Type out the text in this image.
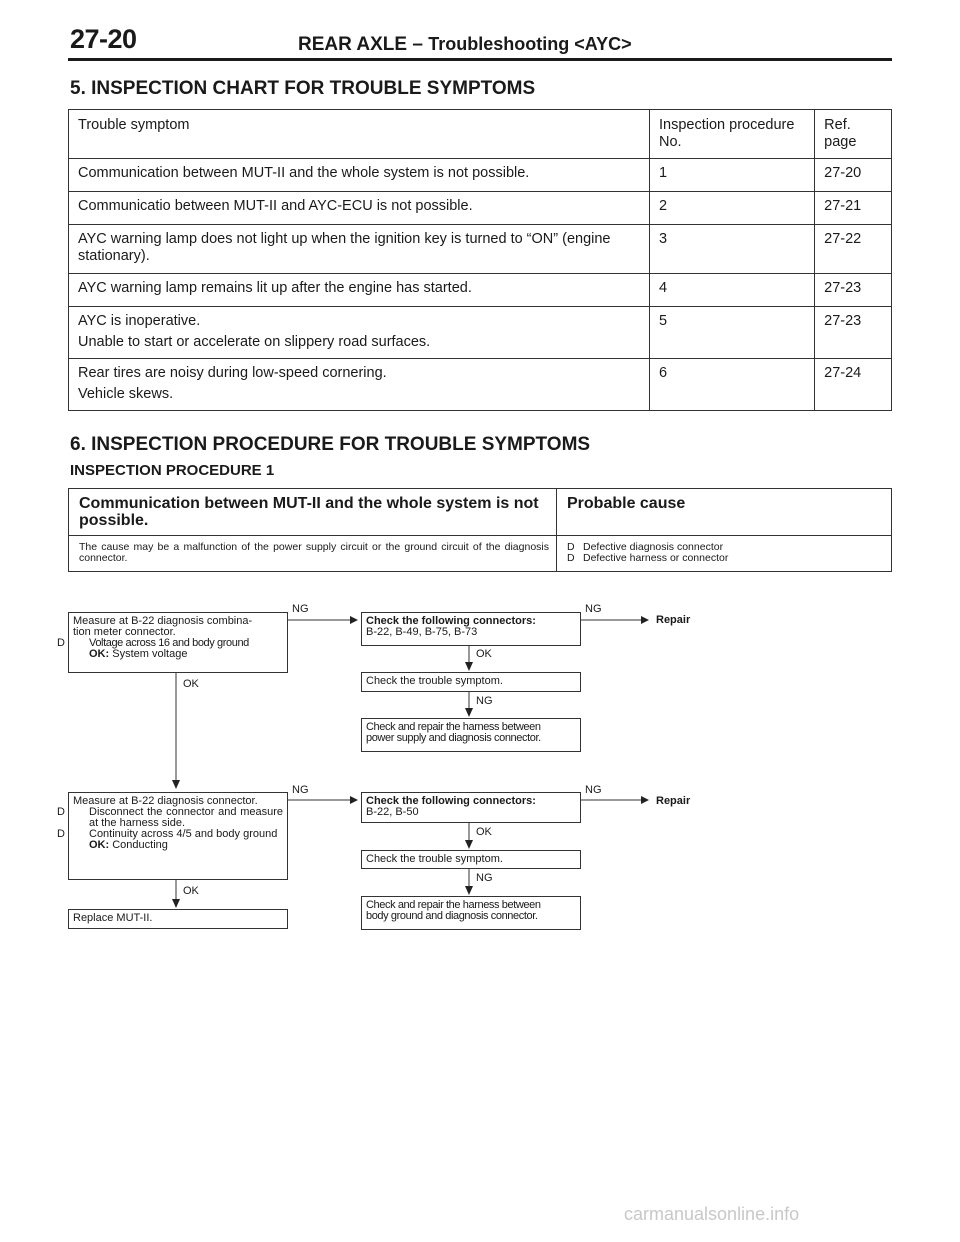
27-20	REAR AXLE – Troubleshooting <AYC>
5. INSPECTION CHART FOR TROUBLE SYMPTOMS
Trouble symptom	Inspection procedure No.	Ref. page
Communication between MUT-II and the whole system is not possible.	1	27-20
Communicatio between MUT-II and AYC-ECU is not possible.	2	27-21
AYC warning lamp does not light up when the ignition key is turned to “ON” (engine stationary).	3	27-22
AYC warning lamp remains lit up after the engine has started.	4	27-23

AYC is inoperative.
Unable to start or accelerate on slippery road surfaces.	5	27-23

Rear tires are noisy during low-speed cornering.
Vehicle skews.	6	27-24
6. INSPECTION PROCEDURE FOR TROUBLE SYMPTOMS
INSPECTION PROCEDURE 1
Communication between MUT-II and the whole system is not possible.
Probable cause
The cause may be a malfunction of the power supply circuit or the ground circuit of the diagnosis connector.
D Defective diagnosis connector
D Defective harness or connector
Measure at B-22 diagnosis combina-
tion meter connector.
D Voltage across 16 and body ground
OK: System voltage
Check the following connectors:
B-22, B-49, B-75, B-73
Check the trouble symptom.
Check and repair the harness between
power supply and diagnosis connector.
Measure at B-22 diagnosis connector.
D Disconnect the connector and measure at the harness side.
D Continuity across 4/5 and body ground
OK: Conducting
Check the following connectors:
B-22, B-50
Check the trouble symptom.
Check and repair the harness between
body ground and diagnosis connector.
Replace MUT-II.
NG	NG
Repair
OK
NG
OK
NG	NG
Repair
OK
NG
OK
carmanualsonline.info
